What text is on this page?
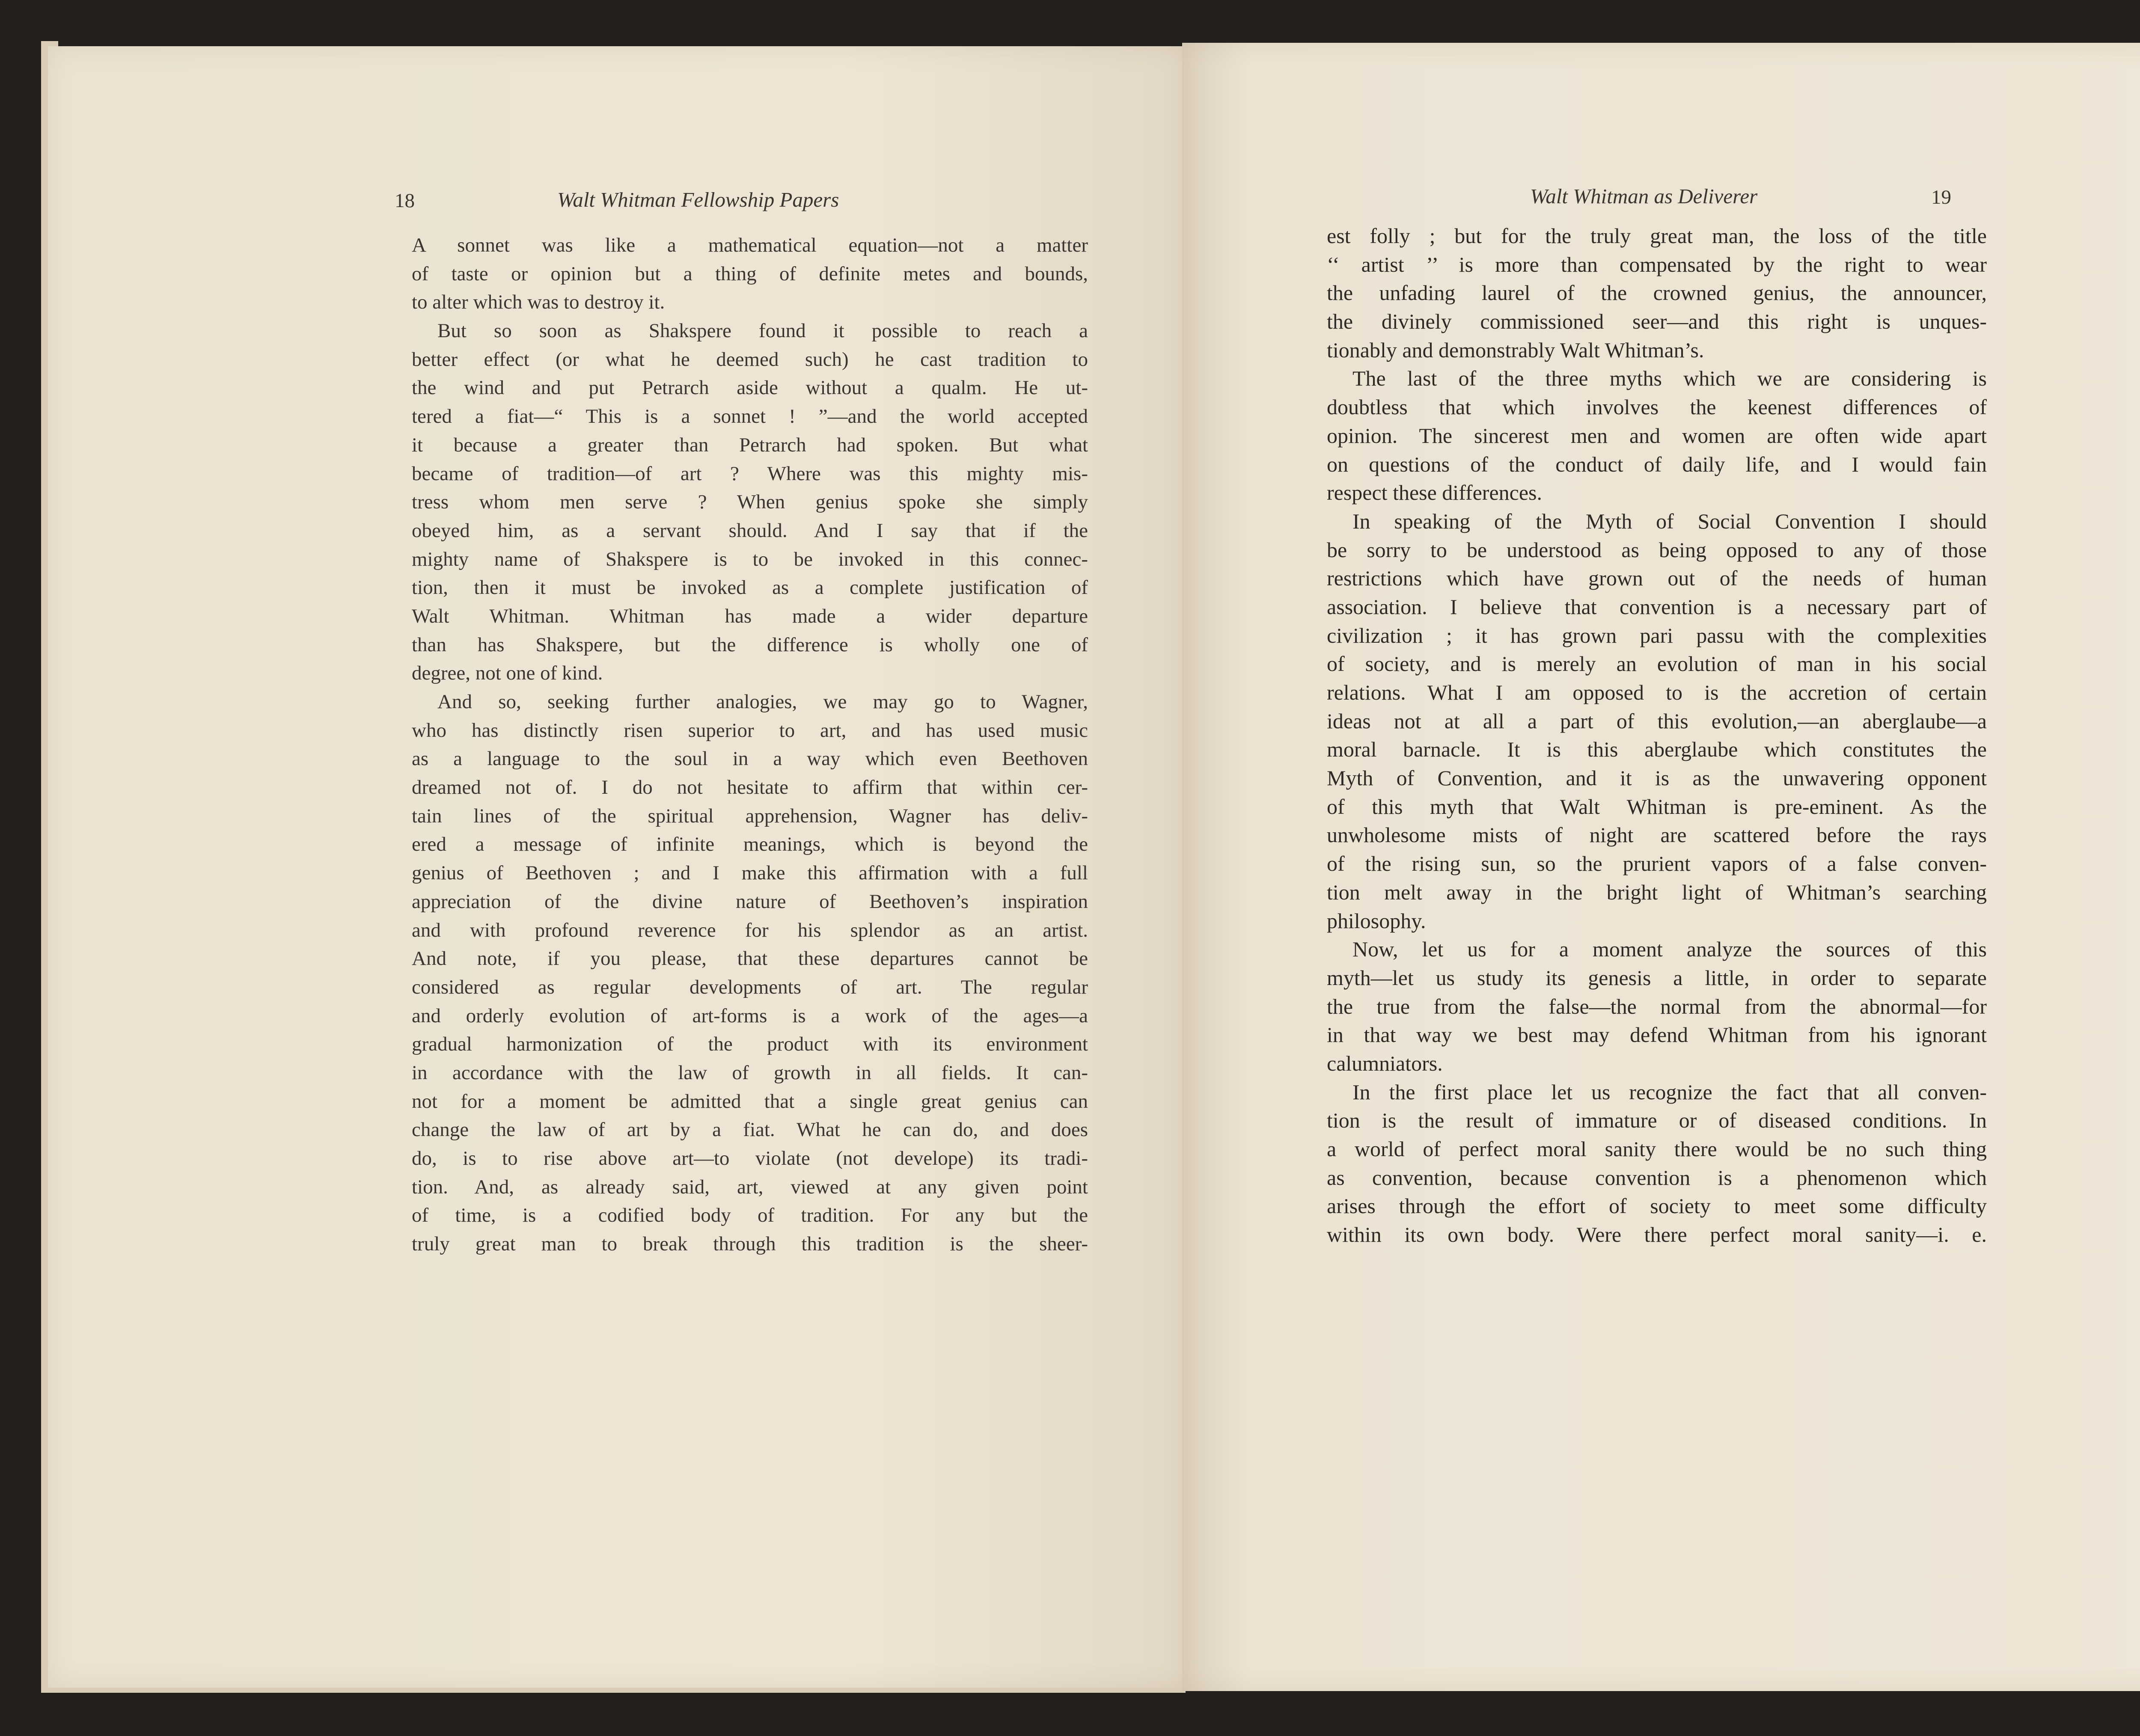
18	Walt Whitman Fellowship Papers
A sonnet was like a mathematical equation—not a matter
of taste or opinion but a thing of definite metes and bounds,
to alter which was to destroy it.
But so soon as Shakspere found it possible to reach a
better effect (or what he deemed such) he cast tradition to
the wind and put Petrarch aside without a qualm. He ut-
tered a fiat—“ This is a sonnet ! ”—and the world accepted
it because a greater than Petrarch had spoken. But what
became of tradition—of art ? Where was this mighty mis-
tress whom men serve ? When genius spoke she simply
obeyed him, as a servant should. And I say that if the
mighty name of Shakspere is to be invoked in this connec-
tion, then it must be invoked as a complete justification of
Walt Whitman. Whitman has made a wider departure
than has Shakspere, but the difference is wholly one of
degree, not one of kind.
And so, seeking further analogies, we may go to Wagner,
who has distinctly risen superior to art, and has used music
as a language to the soul in a way which even Beethoven
dreamed not of. I do not hesitate to affirm that within cer-
tain lines of the spiritual apprehension, Wagner has deliv-
ered a message of infinite meanings, which is beyond the
genius of Beethoven ; and I make this affirmation with a full
appreciation of the divine nature of Beethoven’s inspiration
and with profound reverence for his splendor as an artist.
And note, if you please, that these departures cannot be
considered as regular developments of art. The regular
and orderly evolution of art-forms is a work of the ages—a
gradual harmonization of the product with its environment
in accordance with the law of growth in all fields. It can-
not for a moment be admitted that a single great genius can
change the law of art by a fiat. What he can do, and does
do, is to rise above art—to violate (not develope) its tradi-
tion. And, as already said, art, viewed at any given point
of time, is a codified body of tradition. For any but the
truly great man to break through this tradition is the sheer-
Walt Whitman as Deliverer	19
est folly ; but for the truly great man, the loss of the title
‘‘ artist ’’ is more than compensated by the right to wear
the unfading laurel of the crowned genius, the announcer,
the divinely commissioned seer—and this right is unques-
tionably and demonstrably Walt Whitman’s.
The last of the three myths which we are considering is
doubtless that which involves the keenest differences of
opinion. The sincerest men and women are often wide apart
on questions of the conduct of daily life, and I would fain
respect these differences.
In speaking of the Myth of Social Convention I should
be sorry to be understood as being opposed to any of those
restrictions which have grown out of the needs of human
association. I believe that convention is a necessary part of
civilization ; it has grown pari passu with the complexities
of society, and is merely an evolution of man in his social
relations. What I am opposed to is the accretion of certain
ideas not at all a part of this evolution,—an aberglaube—a
moral barnacle. It is this aberglaube which constitutes the
Myth of Convention, and it is as the unwavering opponent
of this myth that Walt Whitman is pre-eminent. As the
unwholesome mists of night are scattered before the rays
of the rising sun, so the prurient vapors of a false conven-
tion melt away in the bright light of Whitman’s searching
philosophy.
Now, let us for a moment analyze the sources of this
myth—let us study its genesis a little, in order to separate
the true from the false—the normal from the abnormal—for
in that way we best may defend Whitman from his ignorant
calumniators.
In the first place let us recognize the fact that all conven-
tion is the result of immature or of diseased conditions. In
a world of perfect moral sanity there would be no such thing
as convention, because convention is a phenomenon which
arises through the effort of society to meet some difficulty
within its own body. Were there perfect moral sanity—i. e.
